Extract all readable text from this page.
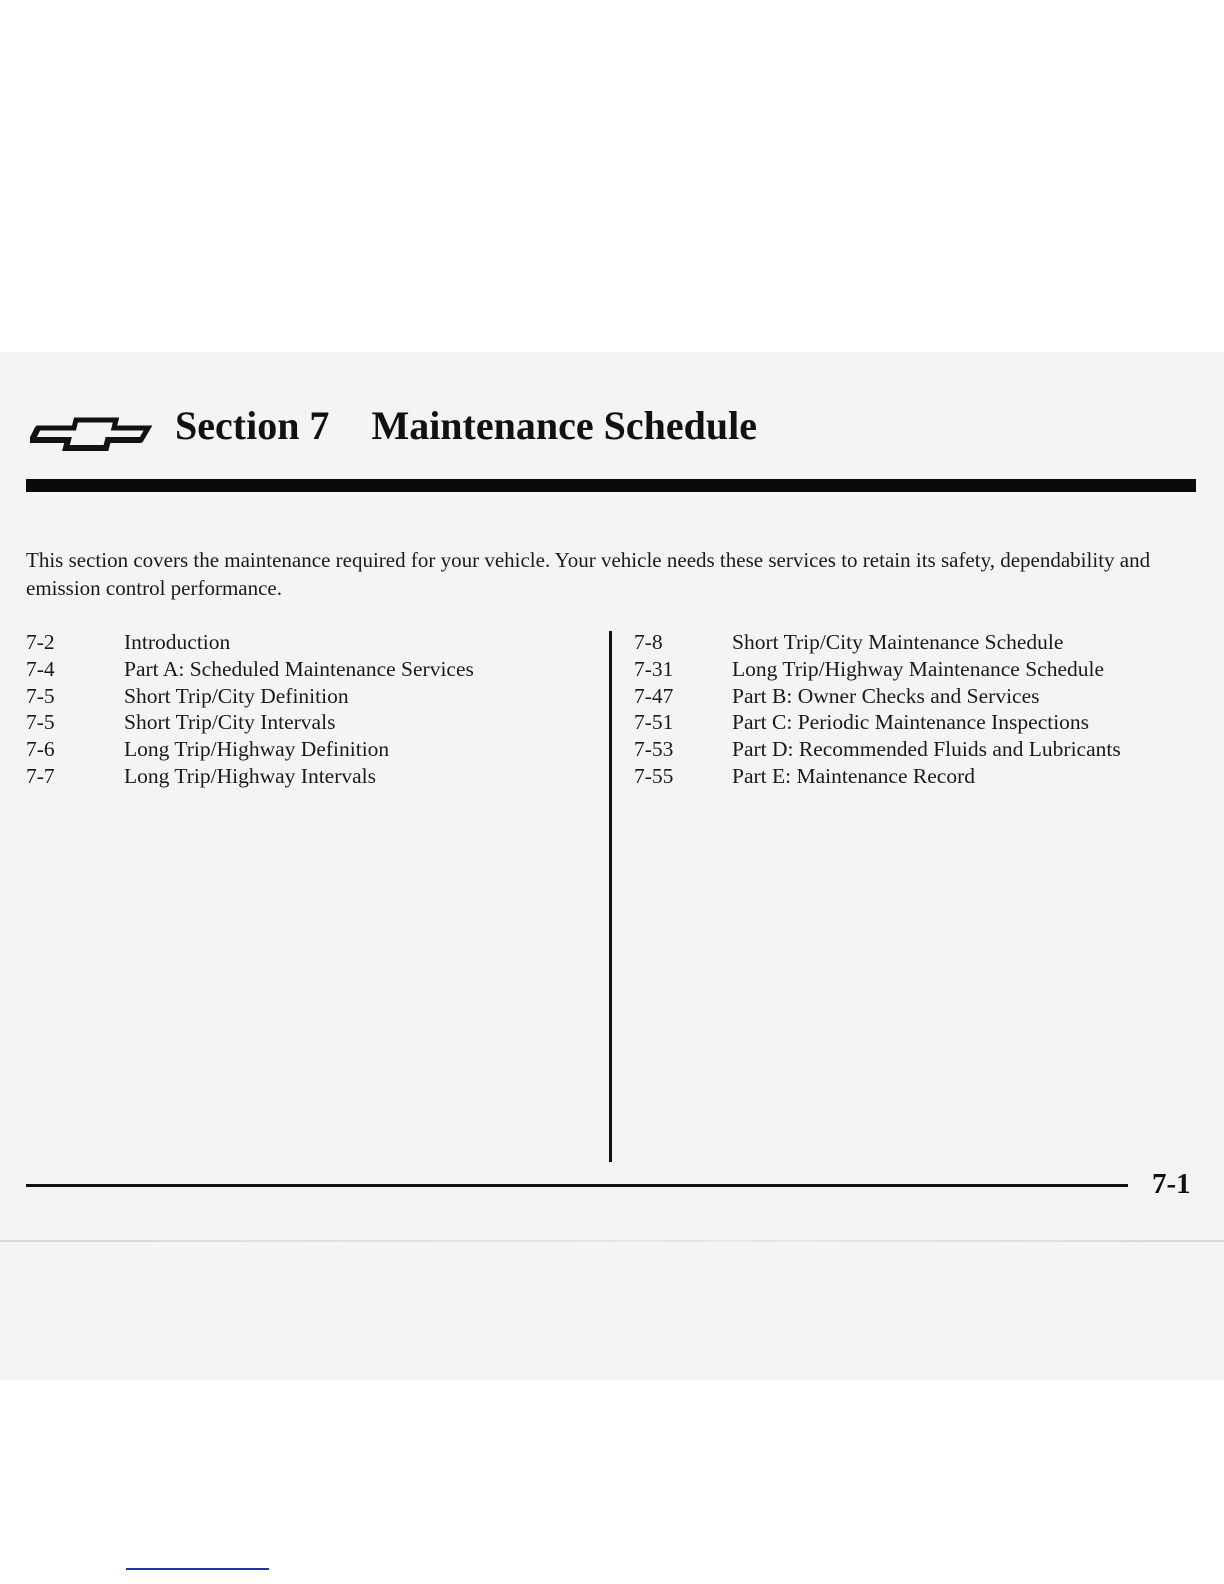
Section 7 Maintenance Schedule

This section covers the maintenance required for your vehicle. Your vehicle needs these services to retain its safety, dependability and emission control performance.

7-2	Introduction
7-4	Part A: Scheduled Maintenance Services
7-5	Short Trip/City Definition
7-5	Short Trip/City Intervals
7-6	Long Trip/Highway Definition
7-7	Long Trip/Highway Intervals
7-8	Short Trip/City Maintenance Schedule
7-31	Long Trip/Highway Maintenance Schedule
7-47	Part B: Owner Checks and Services
7-51	Part C: Periodic Maintenance Inspections
7-53	Part D: Recommended Fluids and Lubricants
7-55	Part E: Maintenance Record

7-1
